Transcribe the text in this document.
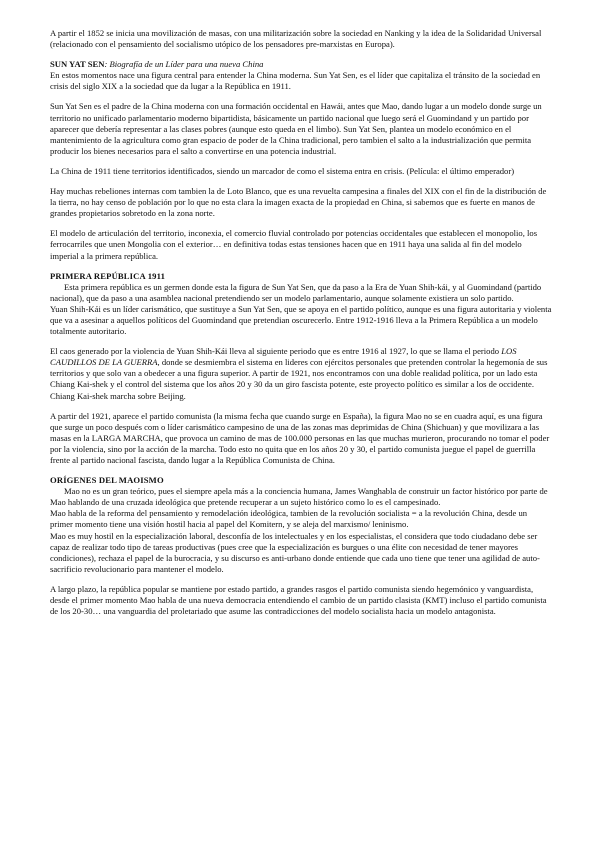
A partir el 1852 se inicia una movilización de masas, con una militarización sobre la sociedad en Nanking y la idea de la Solidaridad Universal (relacionado con el pensamiento del socialismo utópico de los pensadores pre-marxistas en Europa).

SUN YAT SEN: Biografía de un Líder para una nueva China

En estos momentos nace una figura central para entender la China moderna. Sun Yat Sen, es el líder que capitaliza el tránsito de la sociedad en crisis del siglo XIX a la sociedad que da lugar a la República en 1911.

Sun Yat Sen es el padre de la China moderna con una formación occidental en Hawái, antes que Mao, dando lugar a un modelo donde surge un territorio no unificado parlamentario moderno bipartidista, básicamente un partido nacional que luego será el Guomindand y un partido por aparecer que debería representar a las clases pobres (aunque esto queda en el limbo). Sun Yat Sen, plantea un modelo económico en el mantenimiento de la agricultura como gran espacio de poder de la China tradicional, pero tambien el salto a la industrialización que permita producir los bienes necesarios para el salto a convertirse en una potencia industrial.

La China de 1911 tiene territorios identificados, siendo un marcador de como el sistema entra en crisis. (Película: el último emperador)

Hay muchas rebeliones internas com tambien la de Loto Blanco, que es una revuelta campesina a finales del XIX con el fin de la distribución de la tierra, no hay censo de población por lo que no esta clara la imagen exacta de la propiedad en China, si sabemos que es fuerte en manos de grandes propietarios sobretodo en la zona norte.

El modelo de articulación del territorio, inconexia, el comercio fluvial controlado por potencias occidentales que establecen el monopolio, los ferrocarriles que unen Mongolia con el exterior… en definitiva todas estas tensiones hacen que en 1911 haya una salida al fin del modelo imperial a la primera república.

PRIMERA REPÚBLICA 1911

Esta primera república es un germen donde esta la figura de Sun Yat Sen, que da paso a la Era de Yuan Shih-kái, y al Guomindand (partido nacional), que da paso a una asamblea nacional pretendiendo ser un modelo parlamentario, aunque solamente existiera un solo partido.

Yuan Shih-Kái es un líder carismático, que sustituye a Sun Yat Sen, que se apoya en el partido político, aunque es una figura autoritaria y violenta que va a asesinar a aquellos políticos del Guomindand que pretendian oscurecerlo. Entre 1912-1916 lleva a la Primera República a un modelo totalmente autoritario.

El caos generado por la violencia de Yuan Shih-Kái lleva al siguiente periodo que es entre 1916 al 1927, lo que se llama el periodo LOS CAUDILLOS DE LA GUERRA, donde se desmiembra el sistema en lideres con ejércitos personales que pretenden controlar la hegemonía de sus territorios y que solo van a obedecer a una figura superior. A partir de 1921, nos encontramos con una doble realidad política, por un lado esta Chiang Kai-shek y el control del sistema que los años 20 y 30 da un giro fascista potente, este proyecto político es similar a los de occidente. Chiang Kai-shek marcha sobre Beijing.

A partir del 1921, aparece el partido comunista (la misma fecha que cuando surge en España), la figura Mao no se en cuadra aquí, es una figura que surge un poco después com o líder carismático campesino de una de las zonas mas deprimidas de China (Shichuan) y que movilizara a las masas en la LARGA MARCHA, que provoca un camino de mas de 100.000 personas en las que muchas murieron, procurando no tomar el poder por la violencia, sino por la acción de la marcha. Todo esto no quita que en los años 20 y 30, el partido comunista juegue el papel de guerrilla frente al partido nacional fascista, dando lugar a la República Comunista de China.

ORÍGENES DEL MAOISMO

Mao no es un gran teórico, pues el siempre apela más a la conciencia humana, James Wanghabla de construir un factor histórico por parte de Mao hablando de una cruzada ideológica que pretende recuperar a un sujeto histórico como lo es el campesinado.

Mao habla de la reforma del pensamiento y remodelación ideológica, tambien de la revolución socialista = a la revolución China, desde un primer momento tiene una visión hostil hacia al papel del Komitern, y se aleja del marxismo/ leninismo.

Mao es muy hostil en la especialización laboral, desconfía de los intelectuales y en los especialistas, el considera que todo ciudadano debe ser capaz de realizar todo tipo de tareas productivas (pues cree que la especialización es burgues o una élite con necesidad de tener mayores condiciones), rechaza el papel de la burocracia, y su discurso es anti-urbano donde entiende que cada uno tiene que tener una agilidad de auto-sacrificio revolucionario para mantener el modelo.

A largo plazo, la república popular se mantiene por estado partido, a grandes rasgos el partido comunista siendo hegemónico y vanguardista, desde el primer momento Mao habla de una nueva democracia entendiendo el cambio de un partido clasista (KMT) incluso el partido comunista de los 20-30… una vanguardia del proletariado que asume las contradicciones del modelo socialista hacia un modelo antagonista.
